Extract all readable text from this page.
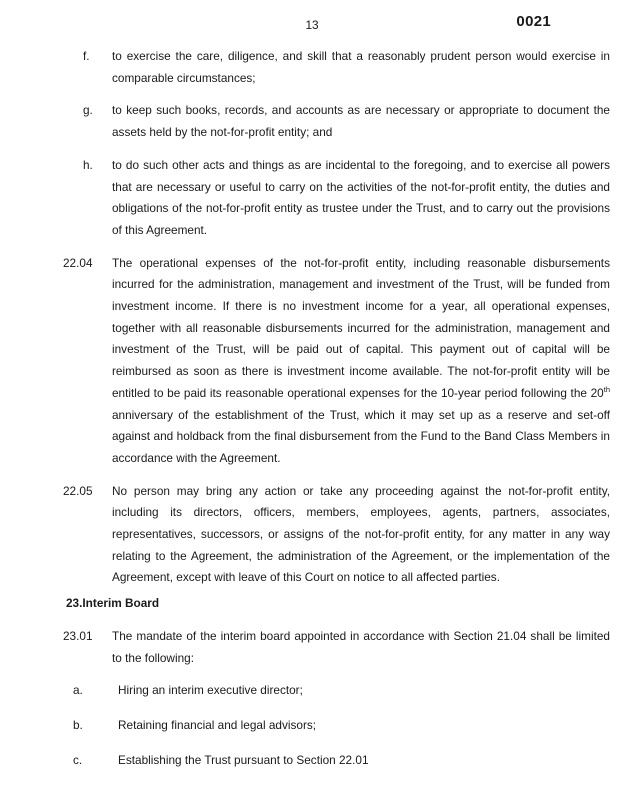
13	0021
f.	to exercise the care, diligence, and skill that a reasonably prudent person would exercise in comparable circumstances;
g.	to keep such books, records, and accounts as are necessary or appropriate to document the assets held by the not-for-profit entity; and
h.	to do such other acts and things as are incidental to the foregoing, and to exercise all powers that are necessary or useful to carry on the activities of the not-for-profit entity, the duties and obligations of the not-for-profit entity as trustee under the Trust, and to carry out the provisions of this Agreement.
22.04	The operational expenses of the not-for-profit entity, including reasonable disbursements incurred for the administration, management and investment of the Trust, will be funded from investment income. If there is no investment income for a year, all operational expenses, together with all reasonable disbursements incurred for the administration, management and investment of the Trust, will be paid out of capital. This payment out of capital will be reimbursed as soon as there is investment income available. The not-for-profit entity will be entitled to be paid its reasonable operational expenses for the 10-year period following the 20th anniversary of the establishment of the Trust, which it may set up as a reserve and set-off against and holdback from the final disbursement from the Fund to the Band Class Members in accordance with the Agreement.
22.05	No person may bring any action or take any proceeding against the not-for-profit entity, including its directors, officers, members, employees, agents, partners, associates, representatives, successors, or assigns of the not-for-profit entity, for any matter in any way relating to the Agreement, the administration of the Agreement, or the implementation of the Agreement, except with leave of this Court on notice to all affected parties.
23.Interim Board
23.01	The mandate of the interim board appointed in accordance with Section 21.04 shall be limited to the following:
a.	Hiring an interim executive director;
b.	Retaining financial and legal advisors;
c.	Establishing the Trust pursuant to Section 22.01
